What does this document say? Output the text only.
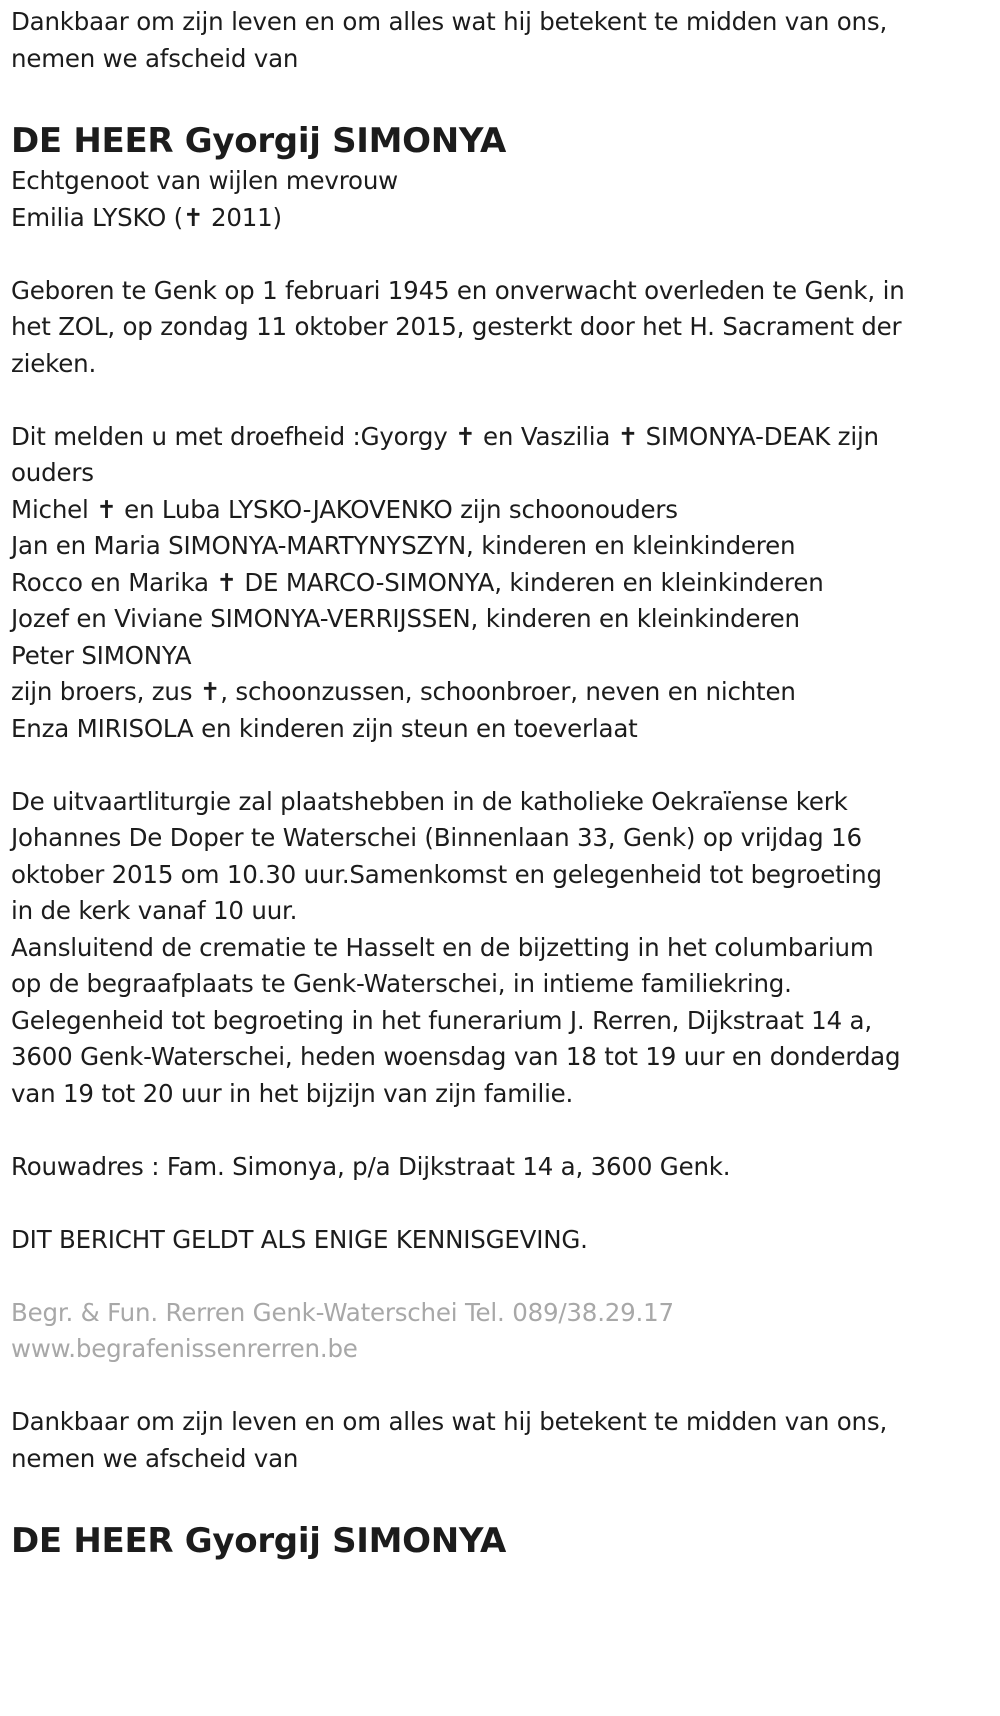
Dankbaar om zijn leven en om alles wat hij betekent te midden van ons,

nemen we afscheid van

DE HEER Gyorgij SIMONYA

Echtgenoot van wijlen mevrouw

Emilia LYSKO (✝ 2011)

Geboren te Genk op 1 februari 1945 en onverwacht overleden te Genk, in

het ZOL, op zondag 11 oktober 2015, gesterkt door het H. Sacrament der

zieken.

Dit melden u met droefheid :Gyorgy ✝ en Vaszilia ✝ SIMONYA-DEAK zijn

ouders

Michel ✝ en Luba LYSKO-JAKOVENKO zijn schoonouders

Jan en Maria SIMONYA-MARTYNYSZYN, kinderen en kleinkinderen

Rocco en Marika ✝ DE MARCO-SIMONYA, kinderen en kleinkinderen

Jozef en Viviane SIMONYA-VERRIJSSEN, kinderen en kleinkinderen

Peter SIMONYA

zijn broers, zus ✝, schoonzussen, schoonbroer, neven en nichten

Enza MIRISOLA en kinderen zijn steun en toeverlaat

De uitvaartliturgie zal plaatshebben in de katholieke Oekraïense kerk

Johannes De Doper te Waterschei (Binnenlaan 33, Genk) op vrijdag 16

oktober 2015 om 10.30 uur.Samenkomst en gelegenheid tot begroeting

in de kerk vanaf 10 uur.

Aansluitend de crematie te Hasselt en de bijzetting in het columbarium

op de begraafplaats te Genk-Waterschei, in intieme familiekring.

Gelegenheid tot begroeting in het funerarium J. Rerren, Dijkstraat 14 a,

3600 Genk-Waterschei, heden woensdag van 18 tot 19 uur en donderdag

van 19 tot 20 uur in het bijzijn van zijn familie.

Rouwadres : Fam. Simonya, p/a Dijkstraat 14 a, 3600 Genk.

DIT BERICHT GELDT ALS ENIGE KENNISGEVING.

Begr. & Fun. Rerren Genk-Waterschei Tel. 089/38.29.17

www.begrafenissenrerren.be

Dankbaar om zijn leven en om alles wat hij betekent te midden van ons,

nemen we afscheid van

DE HEER Gyorgij SIMONYA
